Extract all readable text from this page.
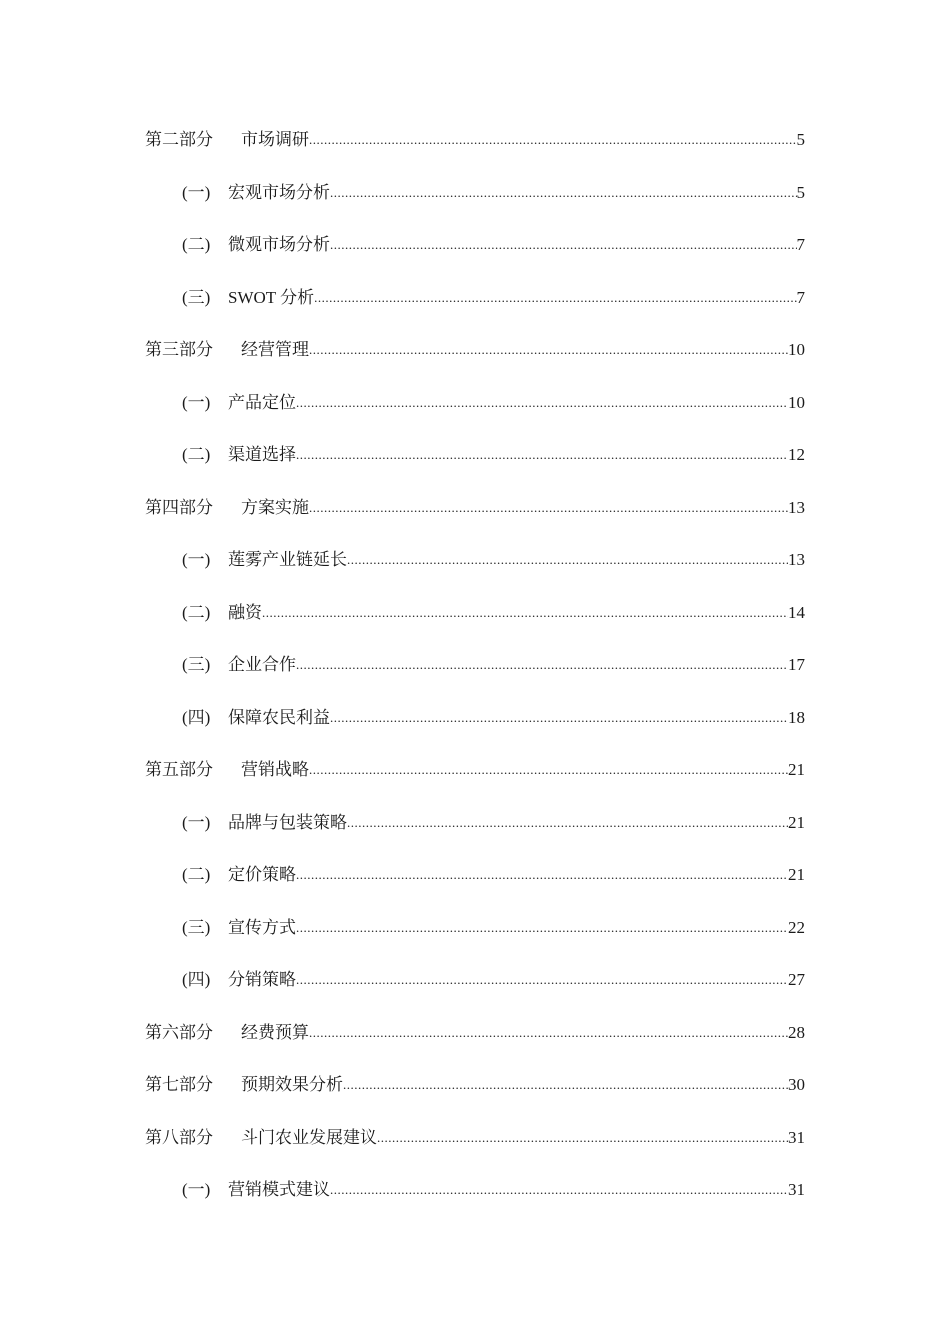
第二部分	市场调研 .....	5
(一)	宏观市场分析 .....	5
(二)	微观市场分析 .....	7
(三)	SWOT 分析 .....	7
第三部分	经营管理 .....	10
(一)	产品定位 .....	10
(二)	渠道选择 .....	12
第四部分	方案实施 .....	13
(一)	莲雾产业链延长 .....	13
(二)	融资 .....	14
(三)	企业合作 .....	17
(四)	保障农民利益 .....	18
第五部分	营销战略 .....	21
(一)	品牌与包装策略 .....	21
(二)	定价策略 .....	21
(三)	宣传方式 .....	22
(四)	分销策略 .....	27
第六部分	经费预算 .....	28
第七部分	预期效果分析 .....	30
第八部分	斗门农业发展建议 .....	31
(一)	营销模式建议 .....	31
